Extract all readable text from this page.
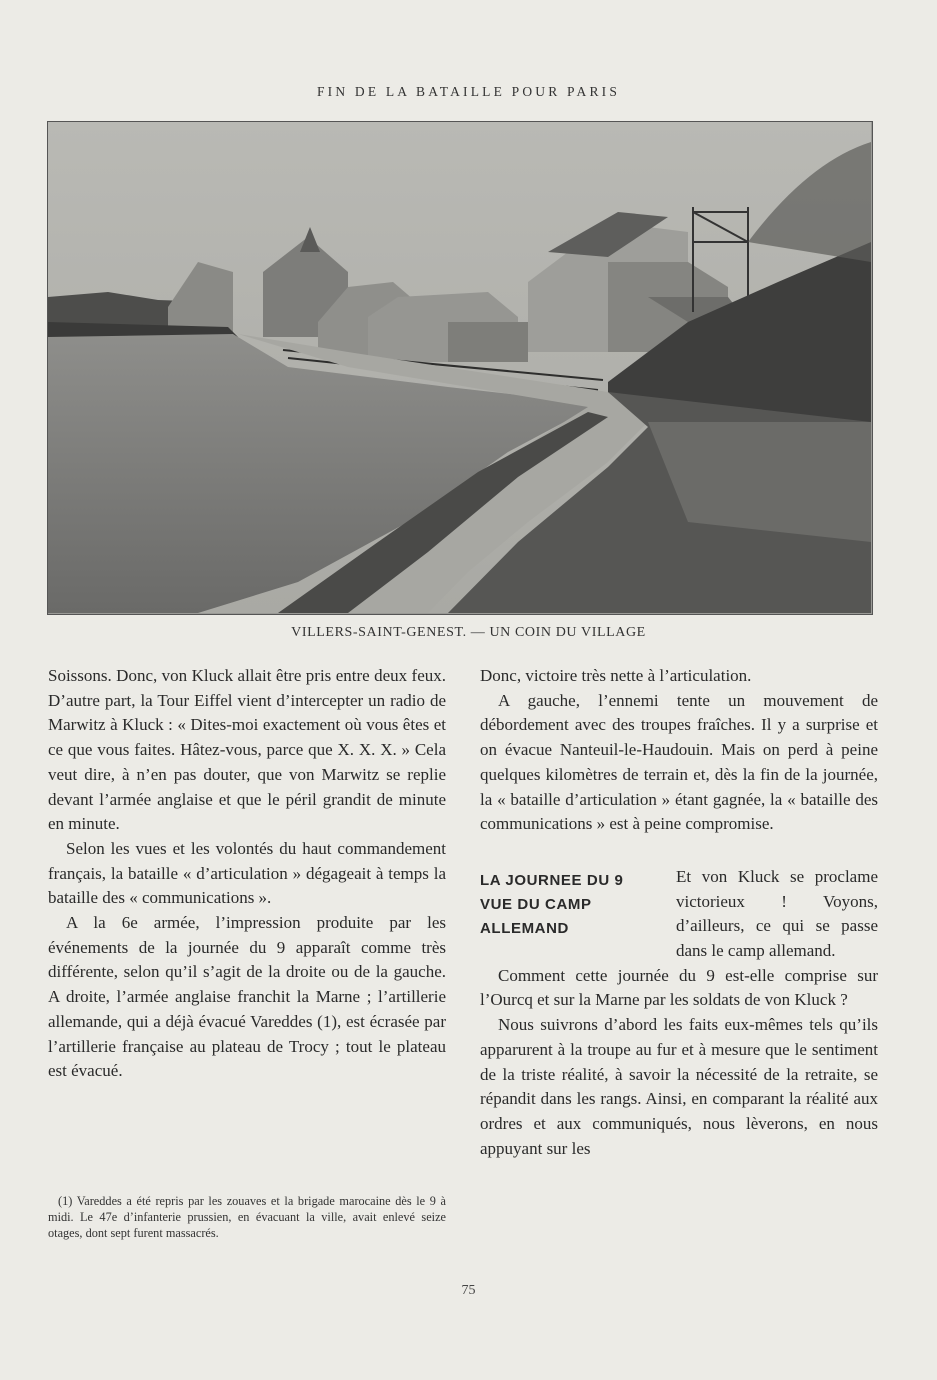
FIN DE LA BATAILLE POUR PARIS
VILLERS-SAINT-GENEST. — UN COIN DU VILLAGE

Soissons. Donc, von Kluck allait être pris entre deux feux. D’autre part, la Tour Eiffel vient d’intercepter un radio de Marwitz à Kluck : « Dites-moi exactement où vous êtes et ce que vous faites. Hâtez-vous, parce que X. X. X. » Cela veut dire, à n’en pas douter, que von Marwitz se replie devant l’armée anglaise et que le péril grandit de minute en minute.

Selon les vues et les volontés du haut commandement français, la bataille « d’articulation » dégageait à temps la bataille des « communications ».

A la 6e armée, l’impression produite par les événements de la journée du 9 apparaît comme très différente, selon qu’il s’agit de la droite ou de la gauche. A droite, l’armée anglaise franchit la Marne ; l’artillerie allemande, qui a déjà évacué Vareddes (1), est écrasée par l’artillerie française au plateau de Trocy ; tout le plateau est évacué.

(1) Vareddes a été repris par les zouaves et la brigade marocaine dès le 9 à midi. Le 47e d’infanterie prussien, en évacuant la ville, avait enlevé seize otages, dont sept furent massacrés.

Donc, victoire très nette à l’articulation.

A gauche, l’ennemi tente un mouvement de débordement avec des troupes fraîches. Il y a surprise et on évacue Nanteuil-le-Haudouin. Mais on perd à peine quelques kilomètres de terrain et, dès la fin de la journée, la « bataille d’articulation » étant gagnée, la « bataille des communications » est à peine compromise.

LA JOURNEE DU 9
VUE DU CAMP
ALLEMAND

Et von Kluck se proclame victorieux ! Voyons, d’ailleurs, ce qui se passe dans le camp allemand.

Comment cette journée du 9 est-elle comprise sur l’Ourcq et sur la Marne par les soldats de von Kluck ?

Nous suivrons d’abord les faits eux-mêmes tels qu’ils apparurent à la troupe au fur et à mesure que le sentiment de la triste réalité, à savoir la nécessité de la retraite, se répandit dans les rangs. Ainsi, en comparant la réalité aux ordres et aux communiqués, nous lèverons, en nous appuyant sur les

75
